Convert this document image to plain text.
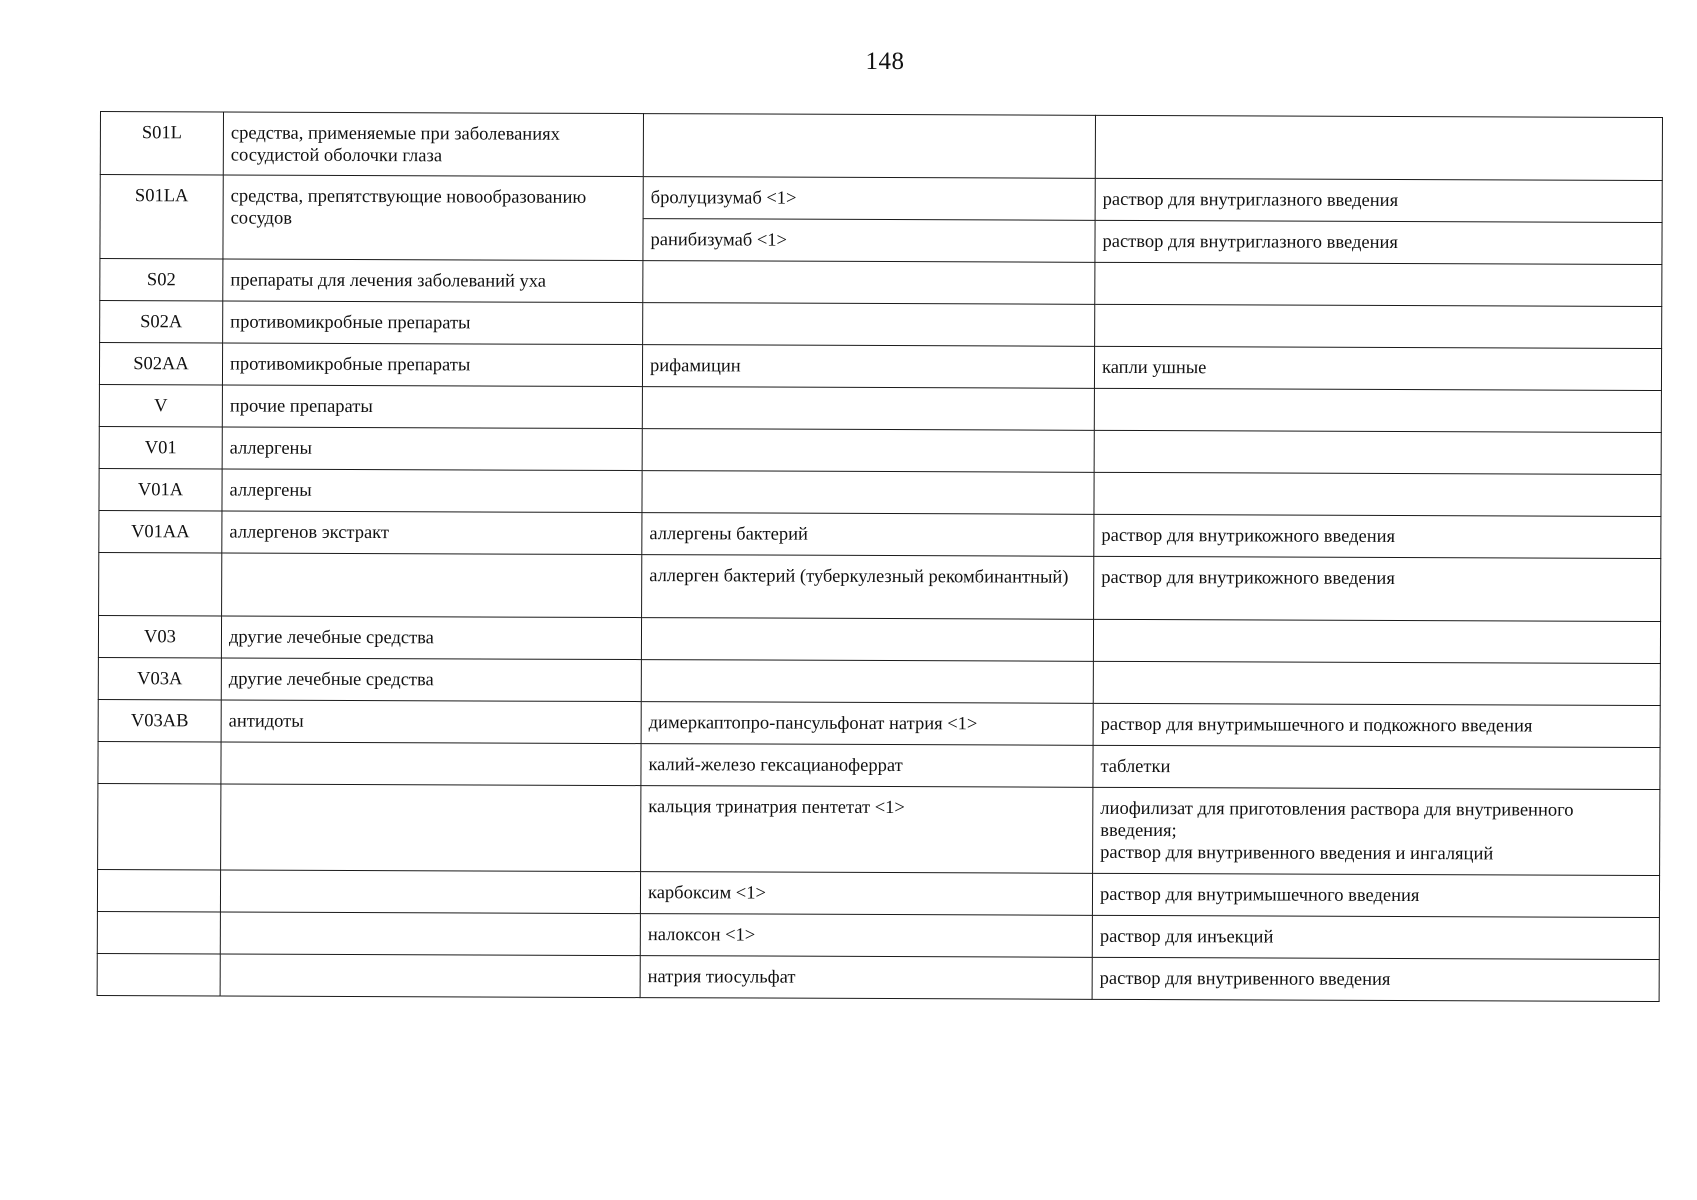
148
S01L	средства, применяемые при заболеваниях сосудистой оболочки глаза		
S01LA	средства, препятствующие новообразованию сосудов	бролуцизумаб <1>	раствор для внутриглазного введения
		ранибизумаб <1>	раствор для внутриглазного введения
S02	препараты для лечения заболеваний уха		
S02A	противомикробные препараты		
S02AA	противомикробные препараты	рифамицин	капли ушные
V	прочие препараты		
V01	аллергены		
V01A	аллергены		
V01AA	аллергенов экстракт	аллергены бактерий	раствор для внутрикожного введения
		аллерген бактерий (туберкулезный рекомбинантный)	раствор для внутрикожного введения
V03	другие лечебные средства		
V03A	другие лечебные средства		
V03AB	антидоты	димеркаптопро-пансульфонат натрия <1>	раствор для внутримышечного и подкожного введения
		калий-железо гексацианоферрат	таблетки
		кальция тринатрия пентетат <1>	лиофилизат для приготовления раствора для внутривенного введения;
раствор для внутривенного введения и ингаляций

		карбоксим <1>	раствор для внутримышечного введения
		налоксон <1>	раствор для инъекций
		натрия тиосульфат	раствор для внутривенного введения
